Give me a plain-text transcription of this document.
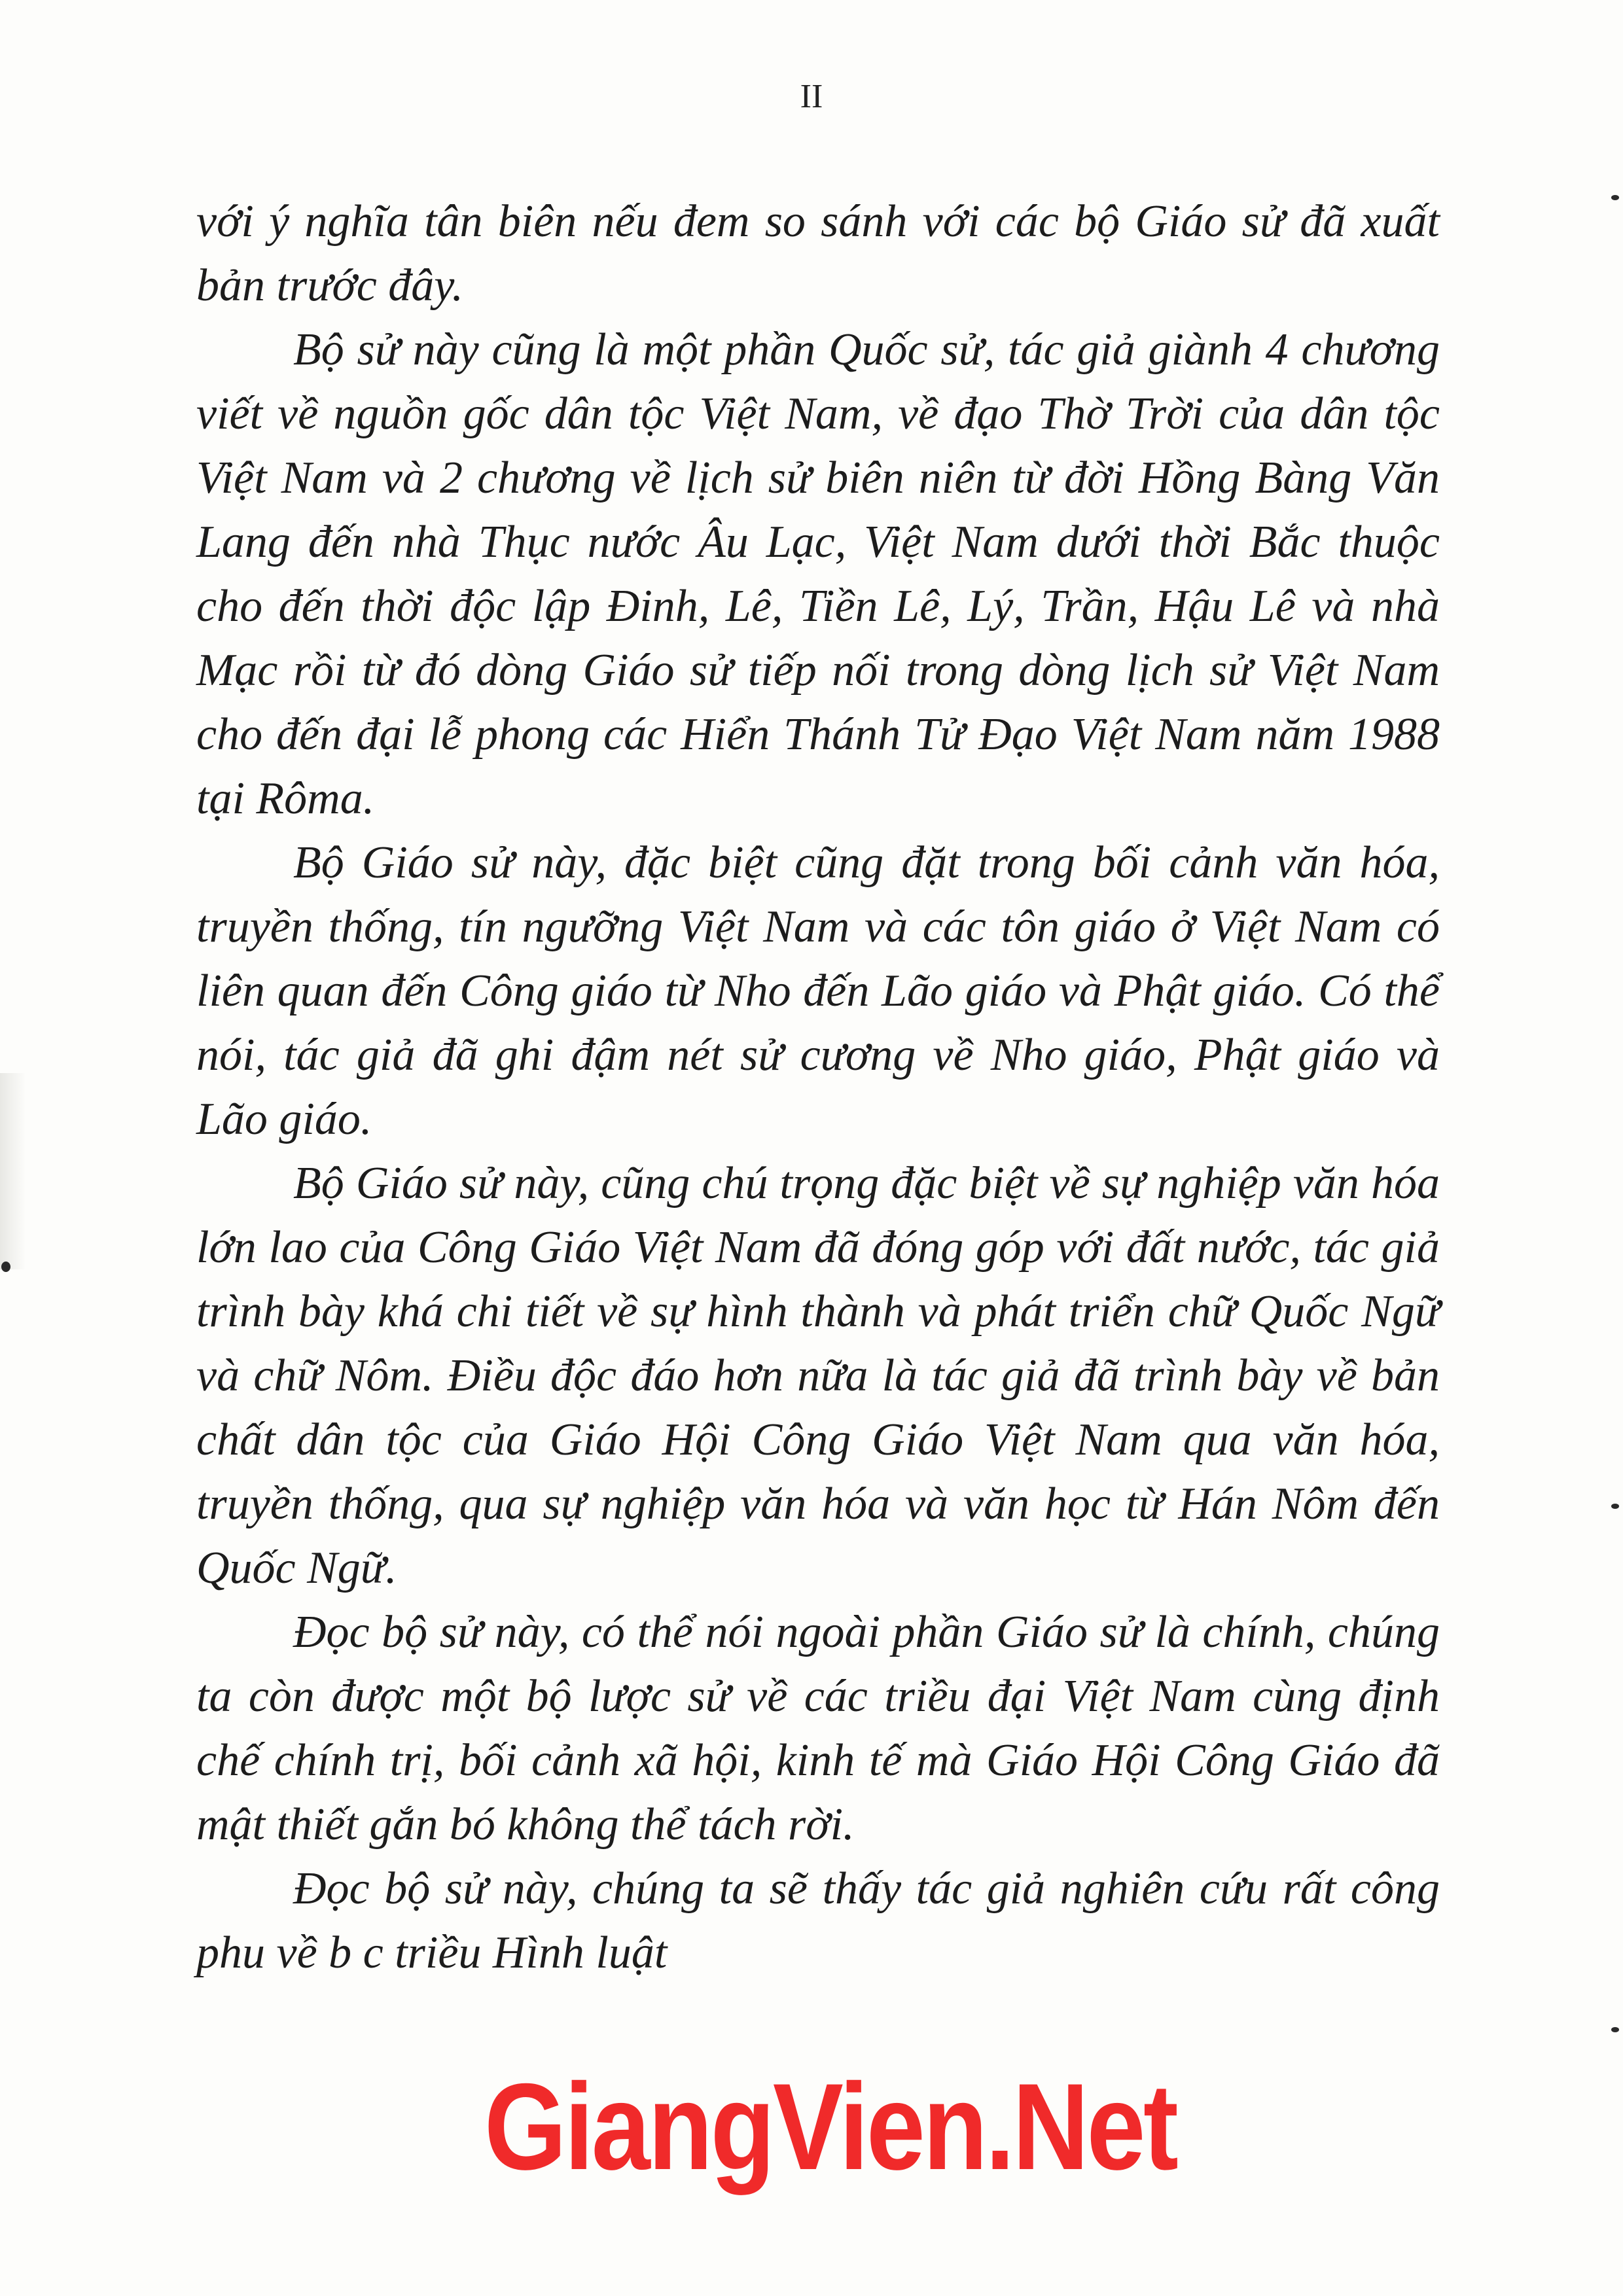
II

với ý nghĩa tân biên nếu đem so sánh với các bộ Giáo sử đã xuất bản trước đây.

Bộ sử này cũng là một phần Quốc sử, tác giả giành 4 chương viết về nguồn gốc dân tộc Việt Nam, về đạo Thờ Trời của dân tộc Việt Nam và 2 chương về lịch sử biên niên từ đời Hồng Bàng Văn Lang đến nhà Thục nước Âu Lạc, Việt Nam dưới thời Bắc thuộc cho đến thời độc lập Đinh, Lê, Tiền Lê, Lý, Trần, Hậu Lê và nhà Mạc rồi từ đó dòng Giáo sử tiếp nối trong dòng lịch sử Việt Nam cho đến đại lễ phong các Hiển Thánh Tử Đạo Việt Nam năm 1988 tại Rôma.

Bộ Giáo sử này, đặc biệt cũng đặt trong bối cảnh văn hóa, truyền thống, tín ngưỡng Việt Nam và các tôn giáo ở Việt Nam có liên quan đến Công giáo từ Nho đến Lão giáo và Phật giáo. Có thể nói, tác giả đã ghi đậm nét sử cương về Nho giáo, Phật giáo và Lão giáo.

Bộ Giáo sử này, cũng chú trọng đặc biệt về sự nghiệp văn hóa lớn lao của Công Giáo Việt Nam đã đóng góp với đất nước, tác giả trình bày khá chi tiết về sự hình thành và phát triển chữ Quốc Ngữ và chữ Nôm. Điều độc đáo hơn nữa là tác giả đã trình bày về bản chất dân tộc của Giáo Hội Công Giáo Việt Nam qua văn hóa, truyền thống, qua sự nghiệp văn hóa và văn học từ Hán Nôm đến Quốc Ngữ.

Đọc bộ sử này, có thể nói ngoài phần Giáo sử là chính, chúng ta còn được một bộ lược sử về các triều đại Việt Nam cùng định chế chính trị, bối cảnh xã hội, kinh tế mà Giáo Hội Công Giáo đã mật thiết gắn bó không thể tách rời.

Đọc bộ sử này, chúng ta sẽ thấy tác giả nghiên cứu rất công phu về b c triều Hình luật

GiangVien.Net
